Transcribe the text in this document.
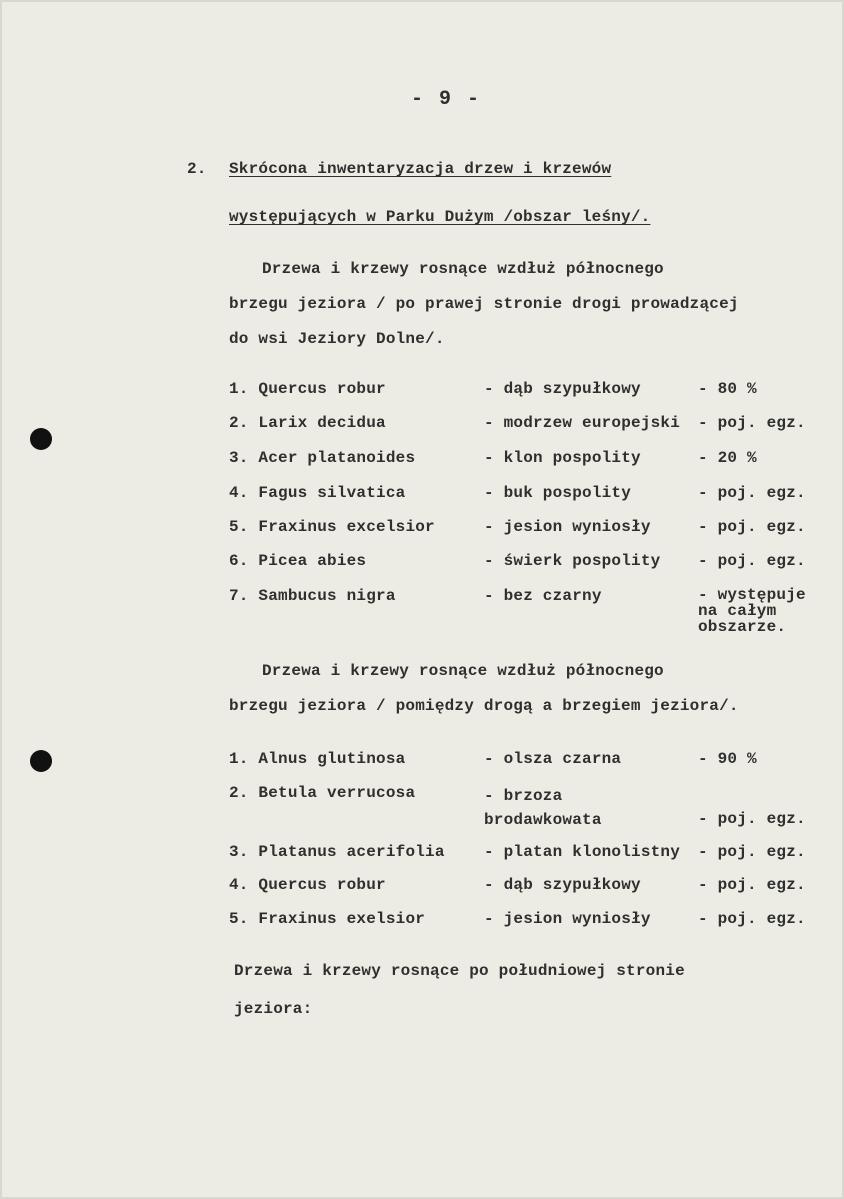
- 9 -
2. Skrócona inwentaryzacja drzew i krzewów
występujących w Parku Dużym /obszar leśny/.
Drzewa i krzewy rosnące wzdłuż północnego
brzegu jeziora / po prawej stronie drogi prowadzącej
do wsi Jeziory Dolne/.
1. Quercus robur	- dąb szypułkowy	- 80 %
2. Larix decidua	- modrzew europejski - poj. egz.
3. Acer platanoides	- klon pospolity	- 20 %
4. Fagus silvatica	- buk pospolity	- poj. egz.
5. Fraxinus excelsior	- jesion wyniosły	- poj. egz.
6. Picea abies	- świerk pospolity - poj. egz.
7. Sambucus nigra	- bez czarny	- występuje
na całym
obszarze.
Drzewa i krzewy rosnące wzdłuż północnego
brzegu jeziora / pomiędzy drogą a brzegiem jeziora/.
1. Alnus glutinosa	- olsza czarna	- 90 %
2. Betula verrucosa	- brzoza
brodawkowata	- poj. egz.
3. Platanus acerifolia - platan klonolistny - poj. egz.
4. Quercus robur	- dąb szypułkowy	- poj. egz.
5. Fraxinus exelsior	- jesion wyniosły	- poj. egz.
Drzewa i krzewy rosnące po południowej stronie
jeziora:
